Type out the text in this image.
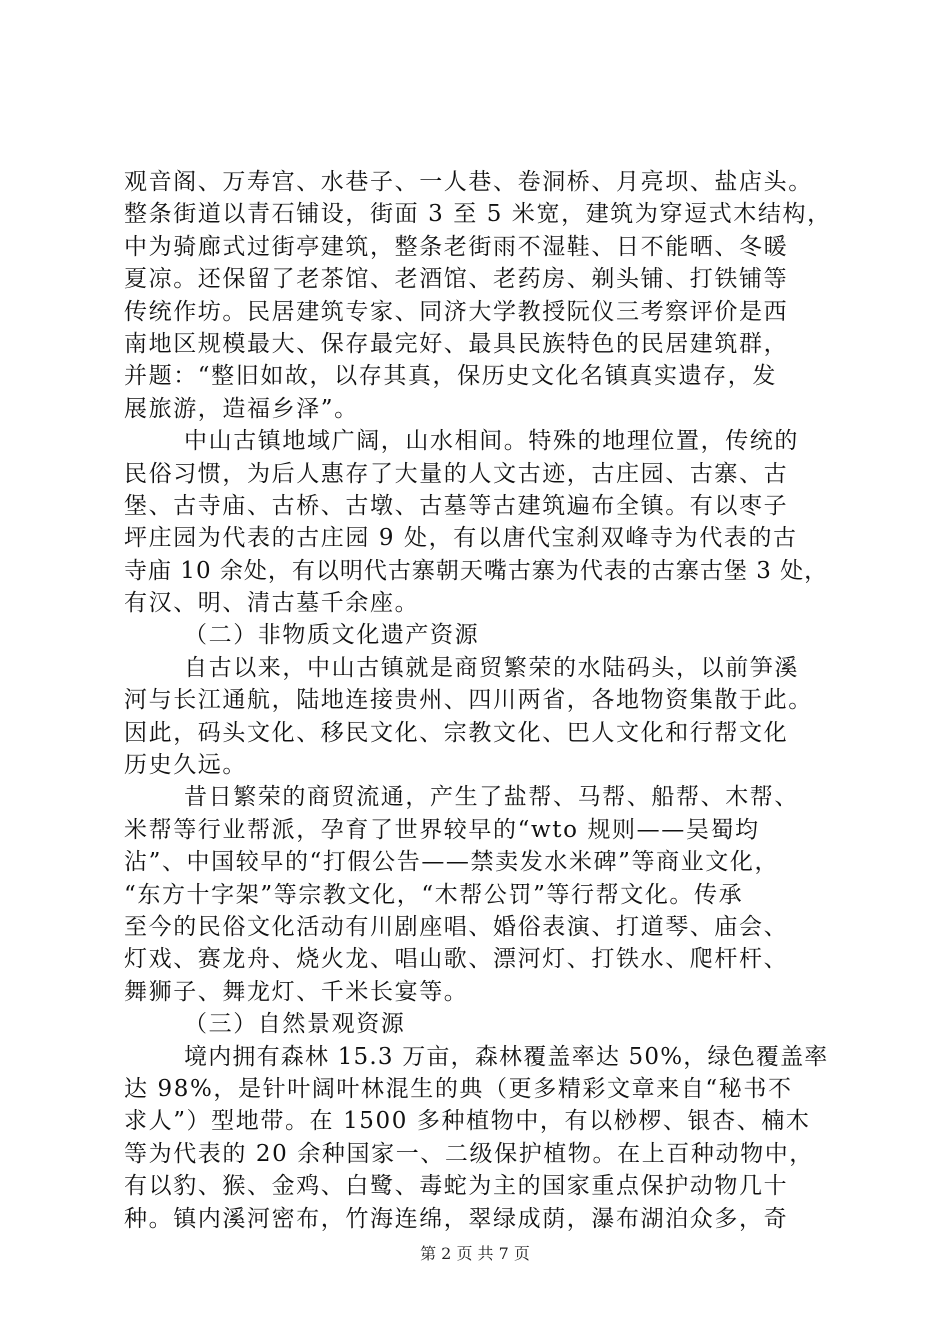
观音阁、万寿宫、水巷子、一人巷、卷洞桥、月亮坝、盐店头。
整条街道以青石铺设，街面 3 至 5 米宽，建筑为穿逗式木结构，
中为骑廊式过街亭建筑，整条老街雨不湿鞋、日不能晒、冬暖
夏凉。还保留了老茶馆、老酒馆、老药房、剃头铺、打铁铺等
传统作坊。民居建筑专家、同济大学教授阮仪三考察评价是西
南地区规模最大、保存最完好、最具民族特色的民居建筑群，
并题：“整旧如故，以存其真，保历史文化名镇真实遗存，发
展旅游，造福乡泽”。
中山古镇地域广阔，山水相间。特殊的地理位置，传统的
民俗习惯，为后人惠存了大量的人文古迹，古庄园、古寨、古
堡、古寺庙、古桥、古墩、古墓等古建筑遍布全镇。有以枣子
坪庄园为代表的古庄园 9 处，有以唐代宝刹双峰寺为代表的古
寺庙 10 余处，有以明代古寨朝天嘴古寨为代表的古寨古堡 3 处，
有汉、明、清古墓千余座。
（二）非物质文化遗产资源
自古以来，中山古镇就是商贸繁荣的水陆码头，以前笋溪
河与长江通航，陆地连接贵州、四川两省，各地物资集散于此。
因此，码头文化、移民文化、宗教文化、巴人文化和行帮文化
历史久远。
昔日繁荣的商贸流通，产生了盐帮、马帮、船帮、木帮、
米帮等行业帮派，孕育了世界较早的“wto 规则——吴蜀均
沾”、中国较早的“打假公告——禁卖发水米碑”等商业文化，
“东方十字架”等宗教文化，“木帮公罚”等行帮文化。传承
至今的民俗文化活动有川剧座唱、婚俗表演、打道琴、庙会、
灯戏、赛龙舟、烧火龙、唱山歌、漂河灯、打铁水、爬杆杆、
舞狮子、舞龙灯、千米长宴等。
（三）自然景观资源
境内拥有森林 15.3 万亩，森林覆盖率达 50%，绿色覆盖率
达 98%，是针叶阔叶林混生的典（更多精彩文章来自“秘书不
求人”）型地带。在 1500 多种植物中，有以桫椤、银杏、楠木
等为代表的 20 余种国家一、二级保护植物。在上百种动物中，
有以豹、猴、金鸡、白鹭、毒蛇为主的国家重点保护动物几十
种。镇内溪河密布，竹海连绵，翠绿成荫，瀑布湖泊众多，奇
第 2 页 共 7 页
